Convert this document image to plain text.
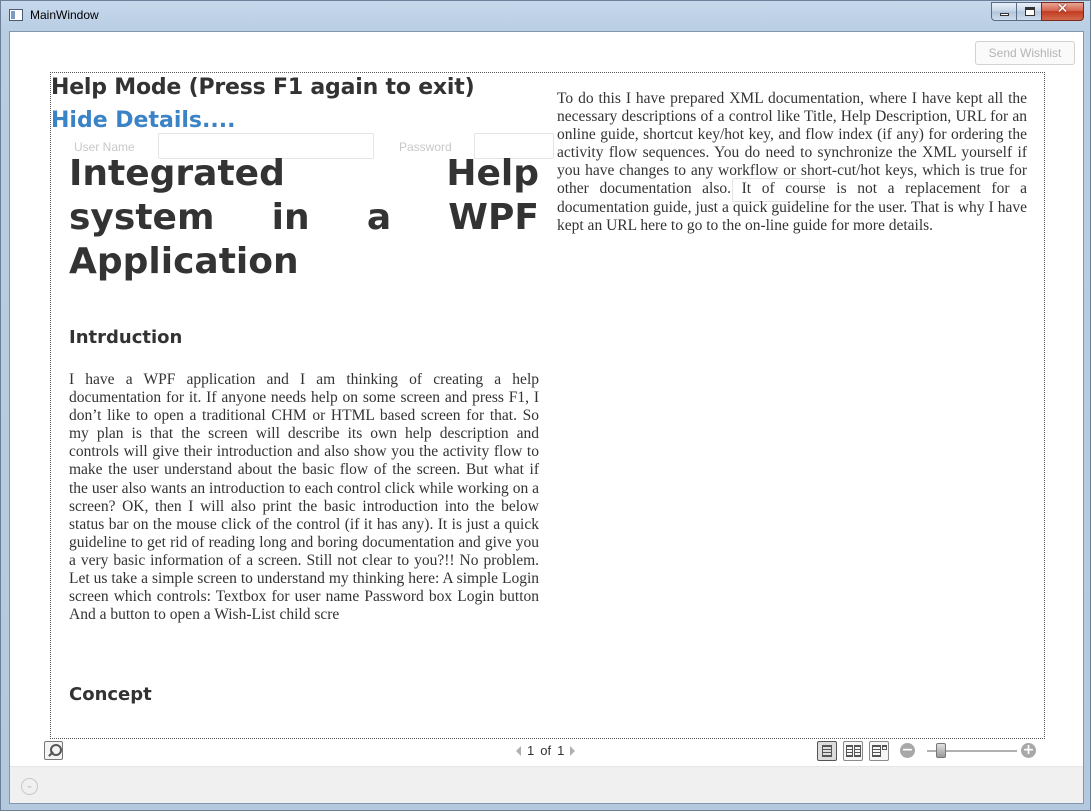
MainWindow	✕
Send Wishlist
User Name	Password
Help Mode (Press F1 again to exit)
Hide Details....
Integrated Help system in a WPF Application
Intrduction
I have a WPF application and I am thinking of creating a help documentation for it. If anyone needs help on some screen and press F1, I don’t like to open a traditional CHM or HTML based screen for that. So my plan is that the screen will describe its own help description and controls will give their introduction and also show you the activity flow to make the user understand about the basic flow of the screen. But what if the user also wants an introduction to each control click while working on a screen? OK, then I will also print the basic introduction into the below status bar on the mouse click of the control (if it has any). It is just a quick guideline to get rid of reading long and boring documentation and give you a very basic information of a screen. Still not clear to you?!! No problem. Let us take a simple screen to understand my thinking here: A simple Login screen which controls: Textbox for user name Password box Login button And a button to open a Wish-List child scre
Concept
To do this I have prepared XML documentation, where I have kept all the necessary descriptions of a control like Title, Help Description, URL for an online guide, shortcut key/hot key, and flow index (if any) for ordering the activity flow sequences. You do need to synchronize the XML yourself if you have changes to any workflow or short-cut/hot keys, which is true for other documentation also. It of course is not a replacement for a documentation guide, just a quick guideline for the user. That is why I have kept an URL here to go to the on-line guide for more details.
1 of 1	−	+
⌄
